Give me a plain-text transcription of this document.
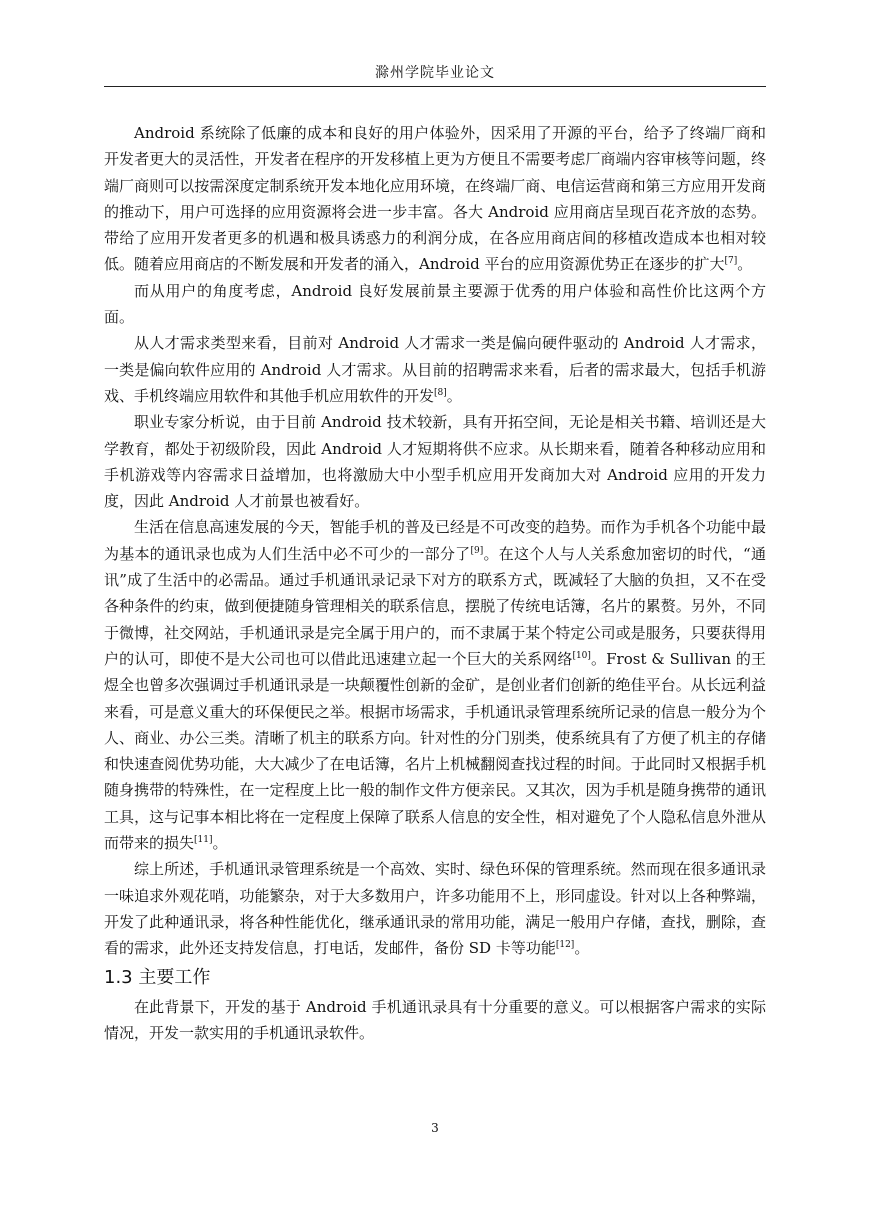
滁州学院毕业论文

Android 系统除了低廉的成本和良好的用户体验外，因采用了开源的平台，给予了终端厂商和开发者更大的灵活性，开发者在程序的开发移植上更为方便且不需要考虑厂商端内容审核等问题，终端厂商则可以按需深度定制系统开发本地化应用环境，在终端厂商、电信运营商和第三方应用开发商的推动下，用户可选择的应用资源将会进一步丰富。各大 Android 应用商店呈现百花齐放的态势。带给了应用开发者更多的机遇和极具诱惑力的利润分成，在各应用商店间的移植改造成本也相对较低。随着应用商店的不断发展和开发者的涌入，Android 平台的应用资源优势正在逐步的扩大[7]。

而从用户的角度考虑，Android 良好发展前景主要源于优秀的用户体验和高性价比这两个方面。

从人才需求类型来看，目前对 Android 人才需求一类是偏向硬件驱动的 Android 人才需求，一类是偏向软件应用的 Android 人才需求。从目前的招聘需求来看，后者的需求最大，包括手机游戏、手机终端应用软件和其他手机应用软件的开发[8]。

职业专家分析说，由于目前 Android 技术较新，具有开拓空间，无论是相关书籍、培训还是大学教育，都处于初级阶段，因此 Android 人才短期将供不应求。从长期来看，随着各种移动应用和手机游戏等内容需求日益增加，也将激励大中小型手机应用开发商加大对 Android 应用的开发力度，因此 Android 人才前景也被看好。

生活在信息高速发展的今天，智能手机的普及已经是不可改变的趋势。而作为手机各个功能中最为基本的通讯录也成为人们生活中必不可少的一部分了[9]。在这个人与人关系愈加密切的时代，“通讯”成了生活中的必需品。通过手机通讯录记录下对方的联系方式，既减轻了大脑的负担，又不在受各种条件的约束，做到便捷随身管理相关的联系信息，摆脱了传统电话簿，名片的累赘。另外，不同于微博，社交网站，手机通讯录是完全属于用户的，而不隶属于某个特定公司或是服务，只要获得用户的认可，即使不是大公司也可以借此迅速建立起一个巨大的关系网络[10]。Frost & Sullivan 的王煜全也曾多次强调过手机通讯录是一块颠覆性创新的金矿，是创业者们创新的绝佳平台。从长远利益来看，可是意义重大的环保便民之举。根据市场需求，手机通讯录管理系统所记录的信息一般分为个人、商业、办公三类。清晰了机主的联系方向。针对性的分门别类，使系统具有了方便了机主的存储和快速查阅优势功能，大大减少了在电话簿，名片上机械翻阅查找过程的时间。于此同时又根据手机随身携带的特殊性，在一定程度上比一般的制作文件方便亲民。又其次，因为手机是随身携带的通讯工具，这与记事本相比将在一定程度上保障了联系人信息的安全性，相对避免了个人隐私信息外泄从而带来的损失[11]。

综上所述，手机通讯录管理系统是一个高效、实时、绿色环保的管理系统。然而现在很多通讯录一味追求外观花哨，功能繁杂，对于大多数用户，许多功能用不上，形同虚设。针对以上各种弊端，开发了此种通讯录，将各种性能优化，继承通讯录的常用功能，满足一般用户存储，查找，删除，查看的需求，此外还支持发信息，打电话，发邮件，备份 SD 卡等功能[12]。

1.3 主要工作

在此背景下，开发的基于 Android 手机通讯录具有十分重要的意义。可以根据客户需求的实际情况，开发一款实用的手机通讯录软件。

3
